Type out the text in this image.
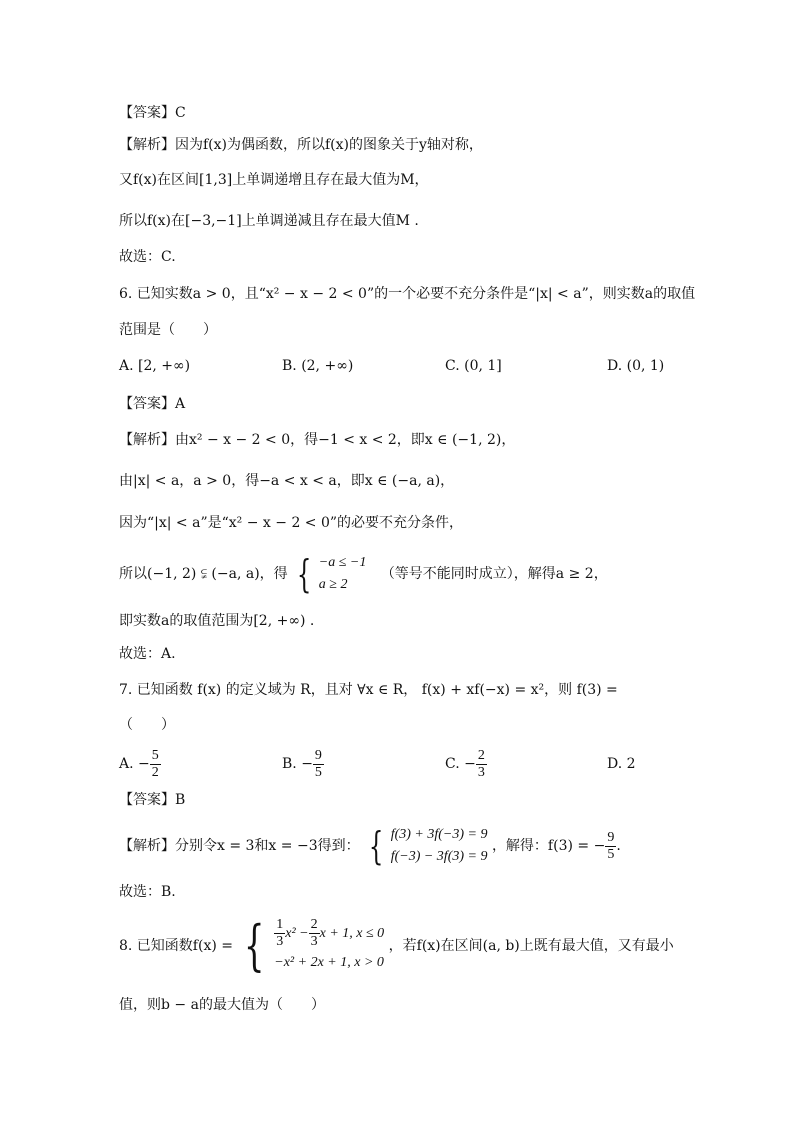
【答案】C
【解析】因为f(x)为偶函数，所以f(x)的图象关于y轴对称，
又f(x)在区间[1,3]上单调递增且存在最大值为M，
所以f(x)在[−3,−1]上单调递减且存在最大值M .
故选：C.
6. 已知实数a > 0，且“x² − x − 2 < 0”的一个必要不充分条件是“|x| < a”，则实数a的取值
范围是（　　）
A. [2, +∞)	B. (2, +∞)	C. (0, 1]	D. (0, 1)
【答案】A
【解析】由x² − x − 2 < 0，得−1 < x < 2，即x ∈ (−1, 2)，
由|x| < a，a > 0，得−a < x < a，即x ∈ (−a, a)，
因为“|x| < a”是“x² − x − 2 < 0”的必要不充分条件，
所以(−1, 2) ⫋ (−a, a)，得 { −a ≤ −1
a ≥ 2
（等号不能同时成立），解得a ≥ 2，
即实数a的取值范围为[2, +∞) .
故选：A.
7. 已知函数 f(x) 的定义域为 R，且对 ∀x ∈ R， f(x) + xf(−x) = x²，则 f(3) =
（　　）
A. − $\frac{5}{2}$	B. − $\frac{9}{5}$	C. − $\frac{2}{3}$	D. 2
【答案】B
【解析】分别令x = 3和x = −3得到： { f(3) + 3f(−3) = 9
f(−3) − 3f(3) = 9
，解得：f(3) = − $\frac{9}{5}$ .
故选：B.
8. 已知函数f(x) = { $\frac{1}{3} x^2 - \frac{2}{3}$ x + 1, x ≤ 0
−x² + 2x + 1, x > 0
，若f(x)在区间(a, b)上既有最大值，又有最小
值，则b − a的最大值为（　　）
